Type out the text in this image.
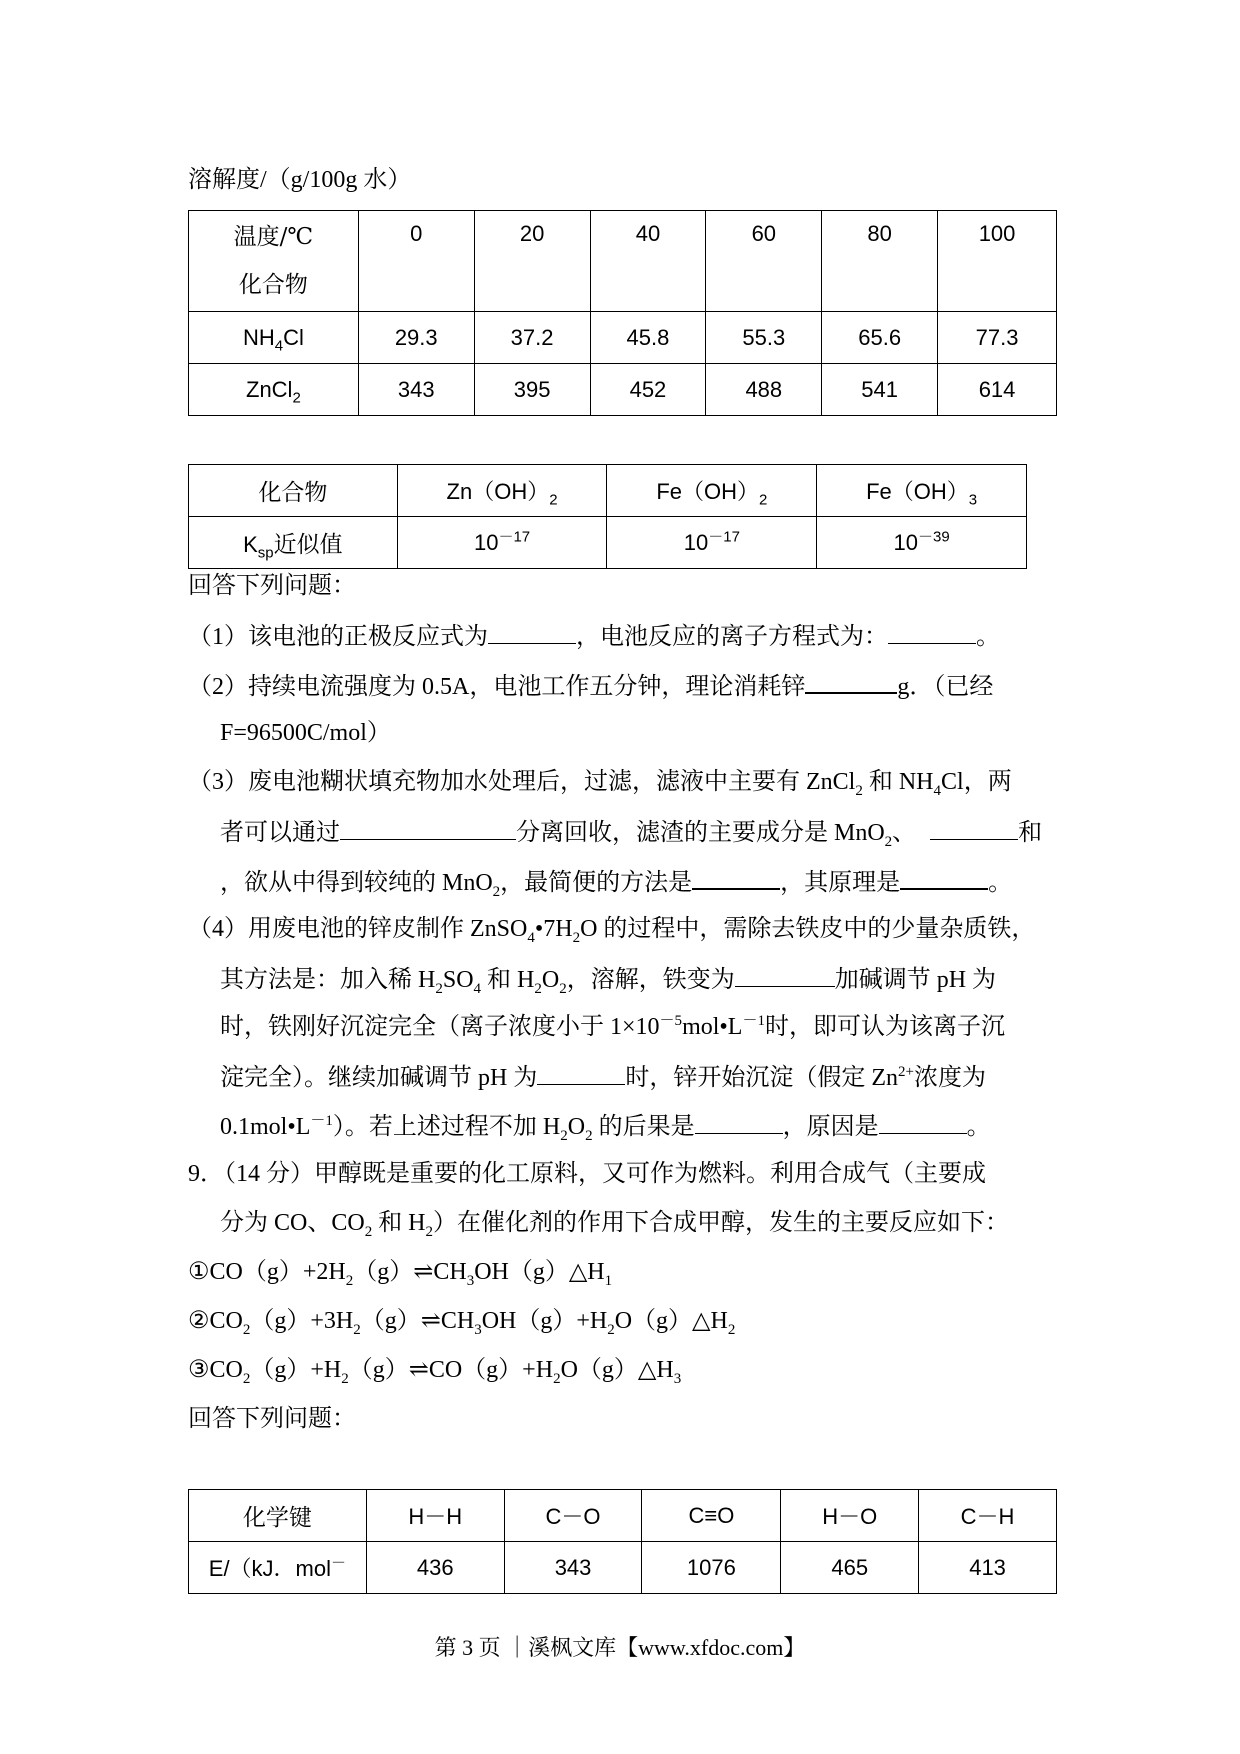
溶解度/（g/100g 水）
温度/℃
化合物	0	20	40	60	80	100
$NH_4Cl$	29.3	37.2	45.8	55.3	65.6	77.3
ZnCl$_2$	343	395	452	488	541	614
化合物	$Zn(OH)_2$	$Fe(OH)_2$	$Fe(OH)_3$
$K_{sp}$近似值	$10^{-17}$	$10^{-17}$	$10^{-39}$
回答下列问题：
（1）该电池的正极反应式为	，电池反应的离子方程式为：	。
（2）持续电流强度为 0.5A，电池工作五分钟，理论消耗锌	g．（已经
F=96500C/mol）
（3）废电池糊状填充物加水处理后，过滤，滤液中主要有 ZnCl$_2$ 和 $NH_4Cl$，两
者可以通过	分离回收，滤渣的主要成分是 MnO$_2$、	和
，欲从中得到较纯的 MnO$_2$，最简便的方法是	，其原理是	。
（4）用废电池的锌皮制作 $ZnSO_4•7H_2O$ 的过程中，需除去铁皮中的少量杂质铁，
其方法是：加入稀 $H_2SO_4$ 和 $H_2O_2$，溶解，铁变为	加碱调节 pH 为
时，铁刚好沉淀完全（离子浓度小于 $1\times 10^{-5}mol•L^{-1}$时，即可认为该离子沉
淀完全）。继续加碱调节 pH 为	时，锌开始沉淀（假定 $Zn^{2+}$浓度为
$0.1mol•L^{-1}$）。若上述过程不加 $H_2O_2$ 的后果是	，原因是	。
9．（14 分）甲醇既是重要的化工原料，又可作为燃料。利用合成气（主要成
分为 CO、$CO_2$ 和 $H_2$）在催化剂的作用下合成甲醇，发生的主要反应如下：
$①CO(g)+2H_2(g)\rightleftharpoons CH_3OH(g)\triangle H_1$
$②CO_2(g)+3H_2(g)\rightleftharpoons CH_3OH(g)+H_2O(g)\triangle H_2$
$③CO_2(g)+H_2(g)\rightleftharpoons CO(g)+H_2O(g)\triangle H_3$
回答下列问题：
化学键	H－H	C－O	C≡O	H－O	C－H
E/（kJ．mol－	436	343	1076	465	413
第 3 页 ｜溪枫文库【www.xfdoc.com】
